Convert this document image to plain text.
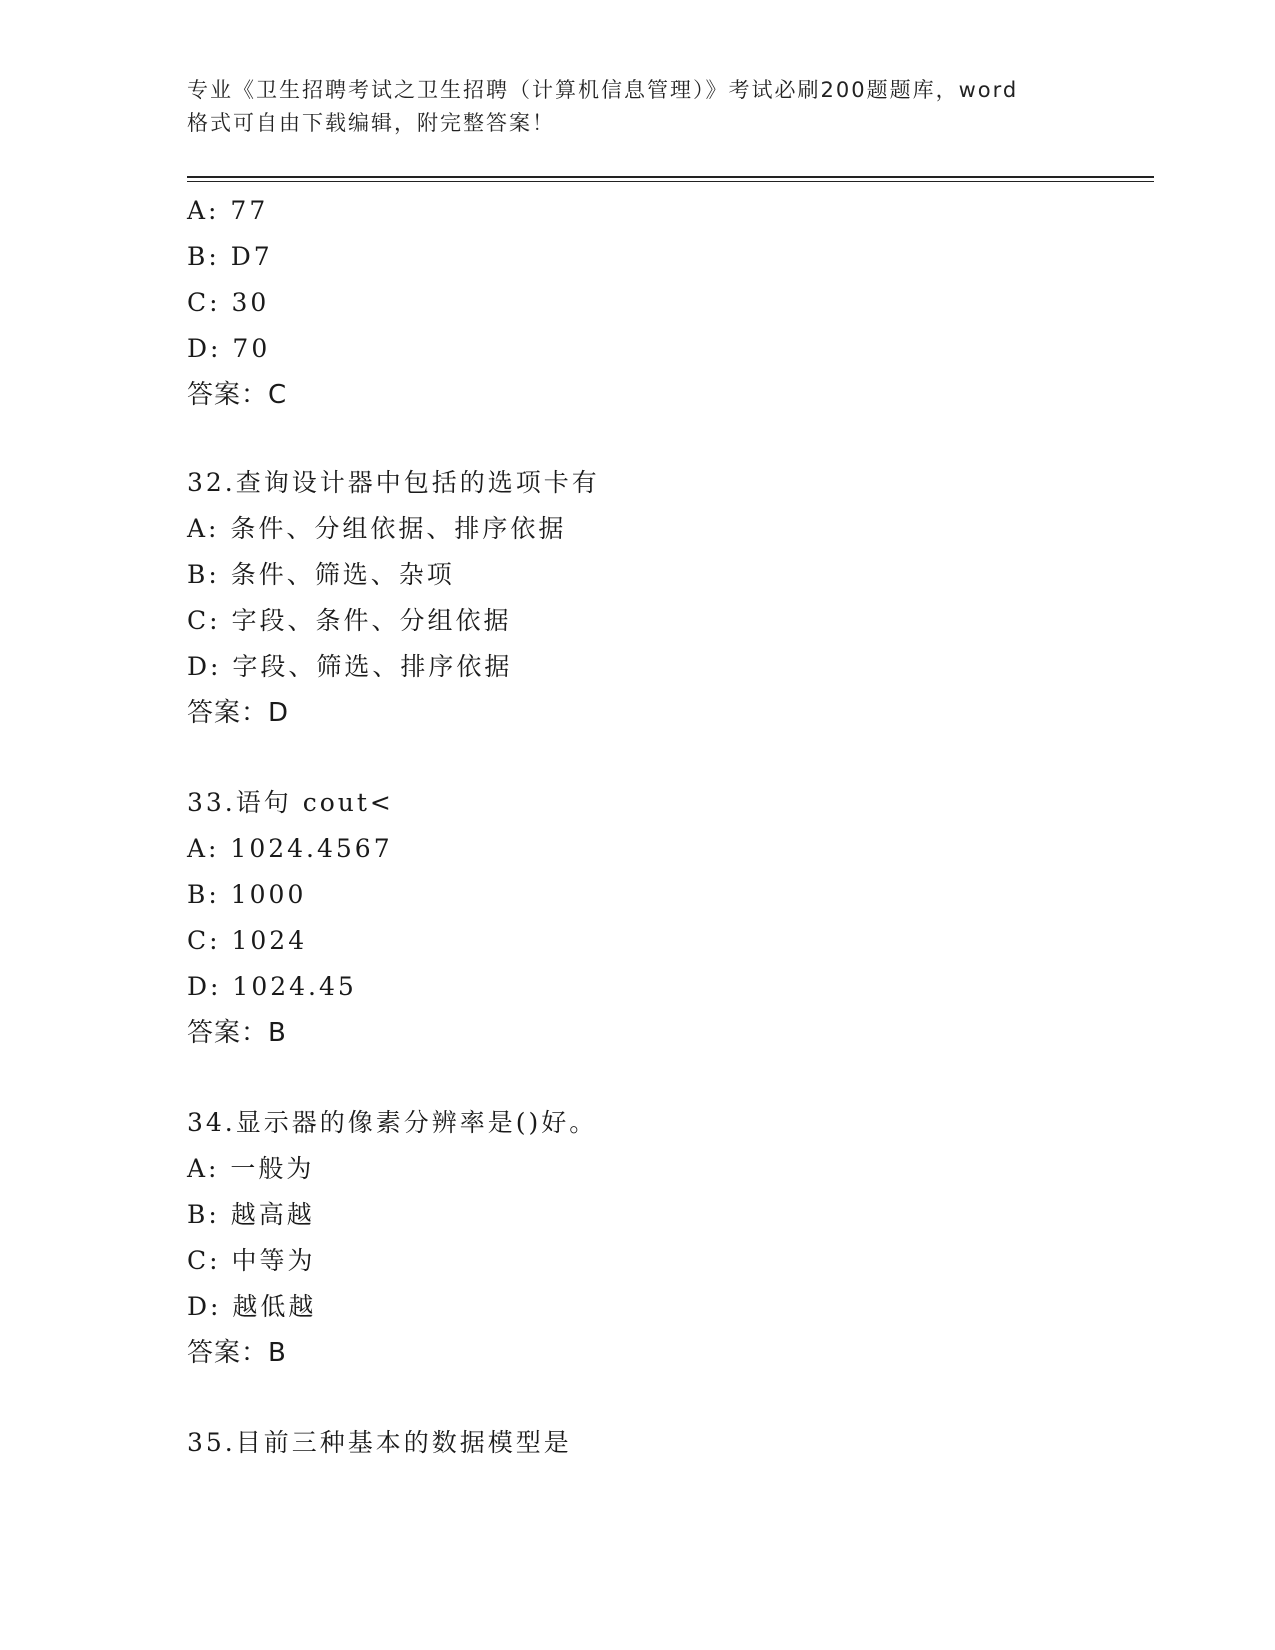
专业《卫生招聘考试之卫生招聘（计算机信息管理）》考试必刷200题题库，word
格式可自由下载编辑，附完整答案！
A: 77
B: D7
C: 30
D: 70
答案：C
32.查询设计器中包括的选项卡有
A: 条件、分组依据、排序依据
B: 条件、筛选、杂项
C: 字段、条件、分组依据
D: 字段、筛选、排序依据
答案：D
33.语句 cout<
A: 1024.4567
B: 1000
C: 1024
D: 1024.45
答案：B
34.显示器的像素分辨率是()好。
A: 一般为
B: 越高越
C: 中等为
D: 越低越
答案：B
35.目前三种基本的数据模型是
